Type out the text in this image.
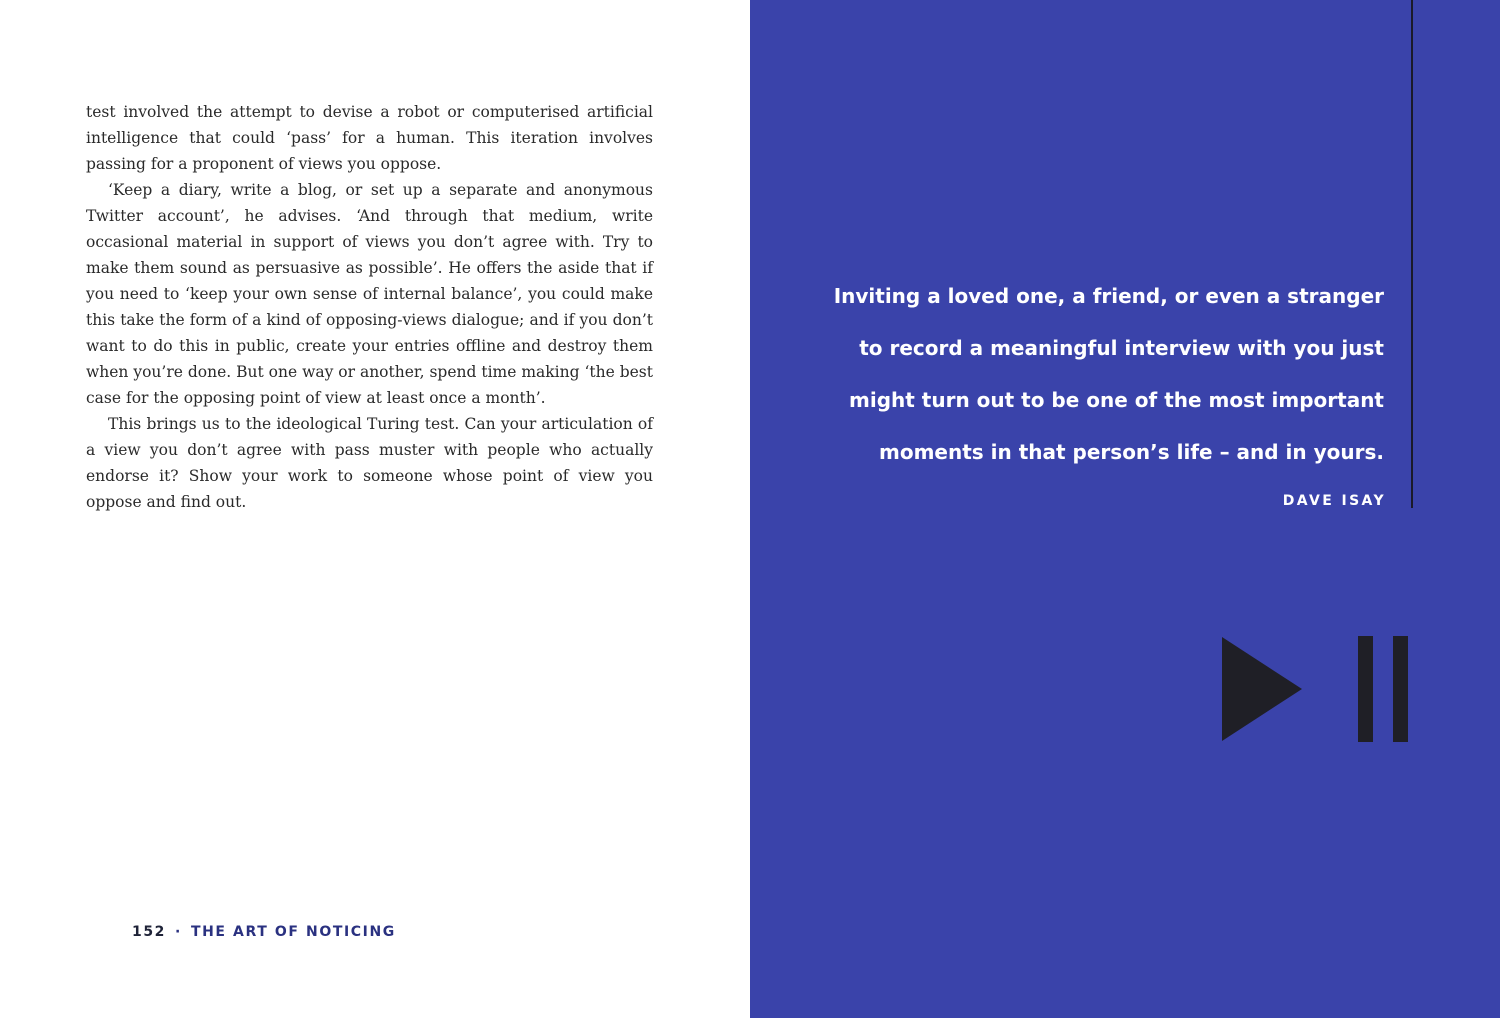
test involved the attempt to devise a robot or computerised artificial intelligence that could ‘pass’ for a human. This iteration involves passing for a proponent of views you oppose.

‘Keep a diary, write a blog, or set up a separate and anonymous Twitter account’, he advises. ‘And through that medium, write occasional material in support of views you don’t agree with. Try to make them sound as persuasive as possible’. He offers the aside that if you need to ‘keep your own sense of internal balance’, you could make this take the form of a kind of opposing-views dialogue; and if you don’t want to do this in public, create your entries offline and destroy them when you’re done. But one way or another, spend time making ‘the best case for the opposing point of view at least once a month’.

This brings us to the ideological Turing test. Can your articulation of a view you don’t agree with pass muster with people who actually endorse it? Show your work to someone whose point of view you oppose and find out.

152 · THE ART OF NOTICING
Inviting a loved one, a friend, or even a stranger
to record a meaningful interview with you just
might turn out to be one of the most important
moments in that person’s life – and in yours.
DAVE ISAY
